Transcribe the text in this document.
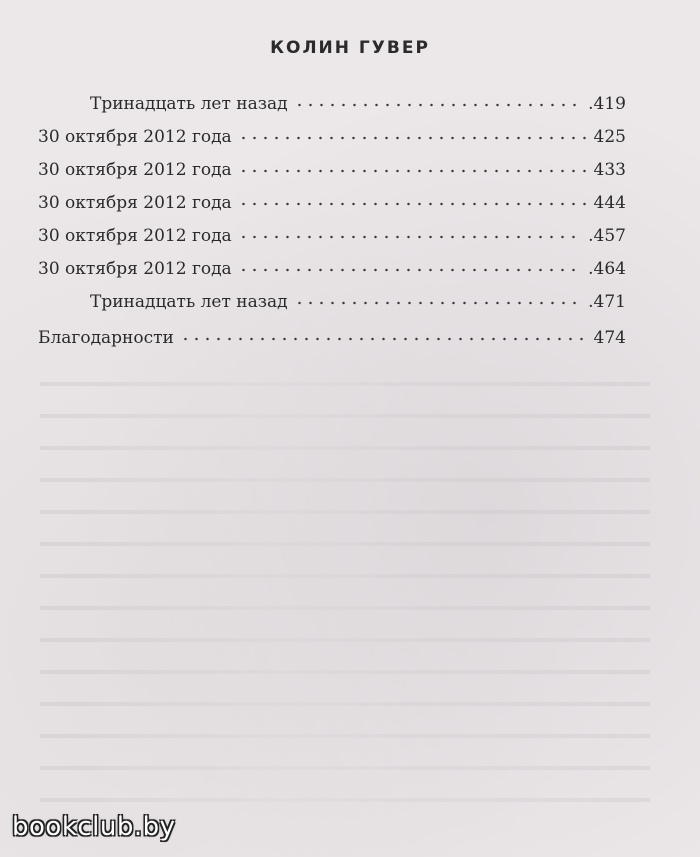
КОЛИН ГУВЕР
Тринадцать лет назад	.419
30 октября 2012 года	425
30 октября 2012 года	433
30 октября 2012 года	444
30 октября 2012 года	.457
30 октября 2012 года	.464
Тринадцать лет назад	.471
Благодарности	474
bookclub.by
